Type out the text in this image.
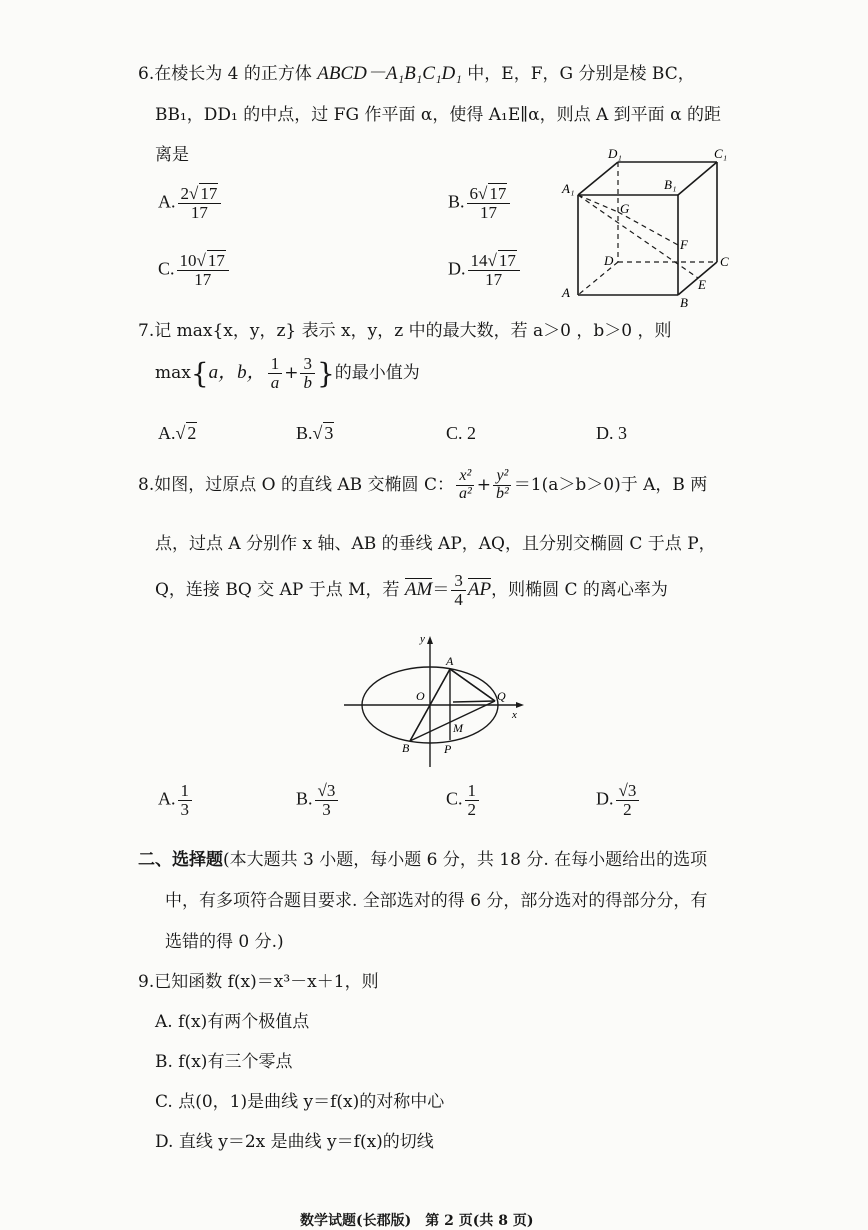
6.在棱长为 4 的正方体 ABCD－A₁B₁C₁D₁ 中，E，F，G 分别是棱 BC，
BB₁，DD₁ 的中点，过 FG 作平面 α，使得 A₁E∥α，则点 A 到平面 α 的距
离是
A. $\frac{2√ 17}{17}$	B. $\frac{6√ 17}{17}$
C. $\frac{10√ 17}{17}$	D. $\frac{14√ 17}{17}$
A
B
C
D
A₁	B₁
C₁
D₁
E
F
G
7.记 max{x，y，z} 表示 x，y，z 中的最大数，若 a＞0 ，b＞0 ，则
max{a，b， $\frac{1}{a} + \frac{3}{b}$ }的最小值为
A.√ 2	B.√ 3	C. 2	D. 3
8.如图，过原点 O 的直线 AB 交椭圆 C： $\frac{\text{x²}}{\text{a²}} + \frac{\text{y²}}{\text{b²}} =1(a>b>0)$于 A，B 两
点，过点 A 分别作 x 轴、AB 的垂线 AP，AQ，且分别交椭圆 C 于点 P，
Q，连接 BQ 交 AP 于点 M，若 $AM= \frac{3}{4}$ AP，则椭圆 C 的离心率为
y
x
O
A
Q
M
B	P
A. $\frac{1}{3}$	B. $\frac{√3}{3}$	C. $\frac{1}{2}$	D. $\frac{√3}{2}$
二、选择题(本大题共 3 小题，每小题 6 分，共 18 分. 在每小题给出的选项
中，有多项符合题目要求. 全部选对的得 6 分，部分选对的得部分分，有
选错的得 0 分.)
9.已知函数 f(x)＝x³－x＋1，则
A. f(x)有两个极值点
B. f(x)有三个零点
C. 点(0，1)是曲线 y＝f(x)的对称中心
D. 直线 y＝2x 是曲线 y＝f(x)的切线
数学试题(长郡版)　第 2 页(共 8 页)
